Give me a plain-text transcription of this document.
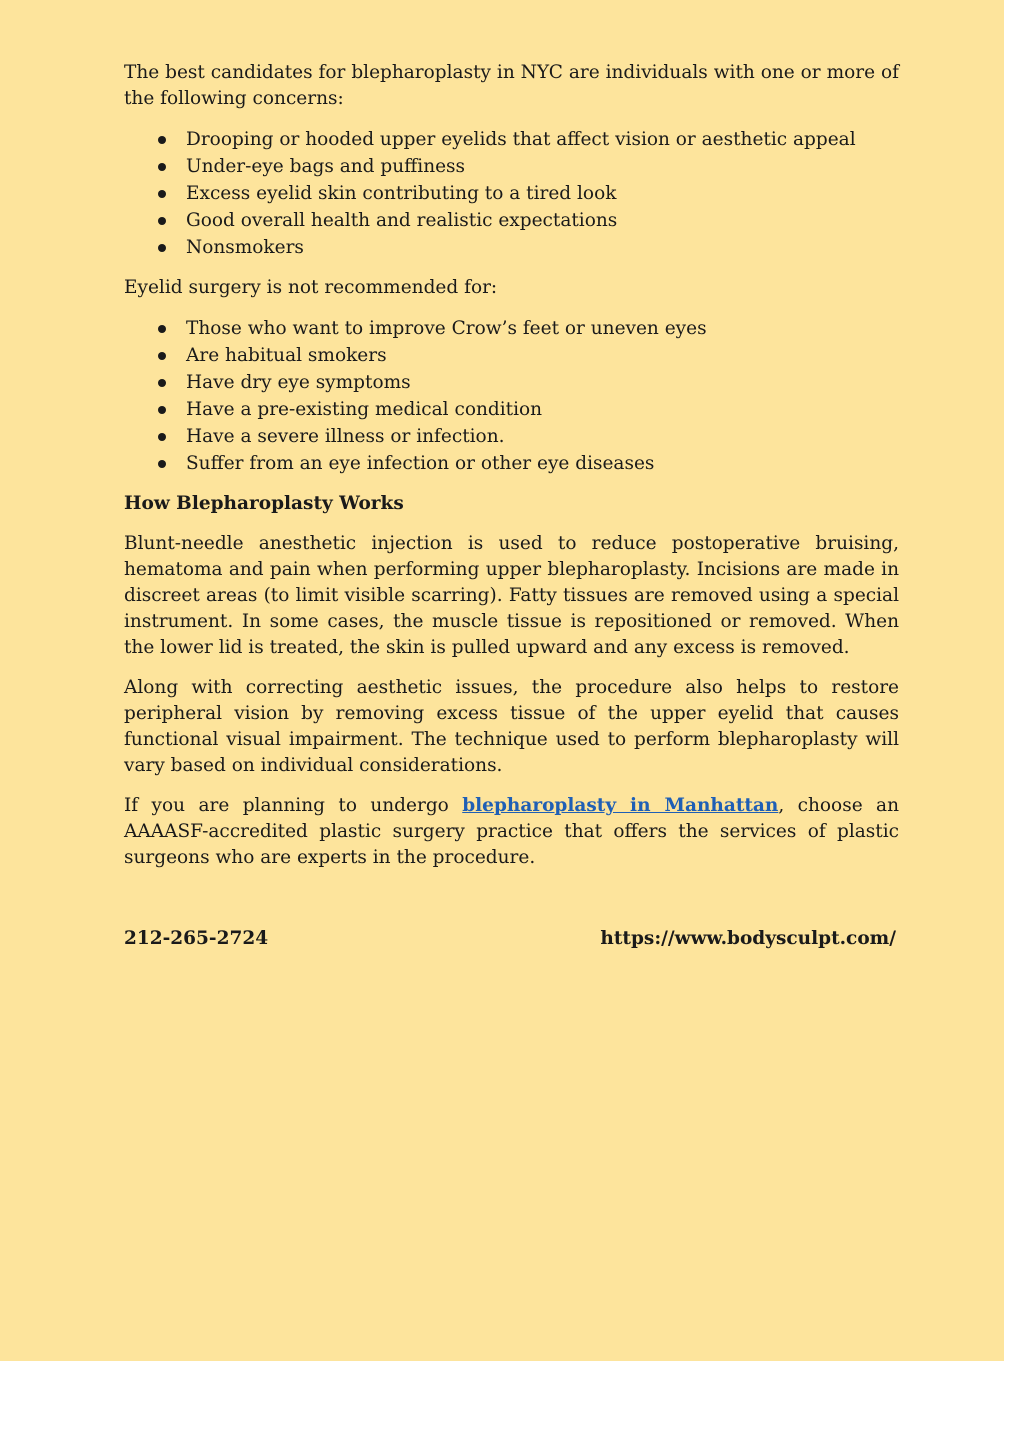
The best candidates for blepharoplasty in NYC are individuals with one or more of the following concerns:

Drooping or hooded upper eyelids that affect vision or aesthetic appeal
Under-eye bags and puffiness
Excess eyelid skin contributing to a tired look
Good overall health and realistic expectations
Nonsmokers

Eyelid surgery is not recommended for:

Those who want to improve Crow’s feet or uneven eyes
Are habitual smokers
Have dry eye symptoms
Have a pre-existing medical condition
Have a severe illness or infection.
Suffer from an eye infection or other eye diseases
How Blepharoplasty Works

Blunt-needle anesthetic injection is used to reduce postoperative bruising, hematoma and pain when performing upper blepharoplasty. Incisions are made in discreet areas (to limit visible scarring). Fatty tissues are removed using a special instrument. In some cases, the muscle tissue is repositioned or removed. When the lower lid is treated, the skin is pulled upward and any excess is removed.

Along with correcting aesthetic issues, the procedure also helps to restore peripheral vision by removing excess tissue of the upper eyelid that causes functional visual impairment. The technique used to perform blepharoplasty will vary based on individual considerations.

If you are planning to undergo blepharoplasty in Manhattan, choose an AAAASF-accredited plastic surgery practice that offers the services of plastic surgeons who are experts in the procedure.

212-265-2724	https://www.bodysculpt.com/
